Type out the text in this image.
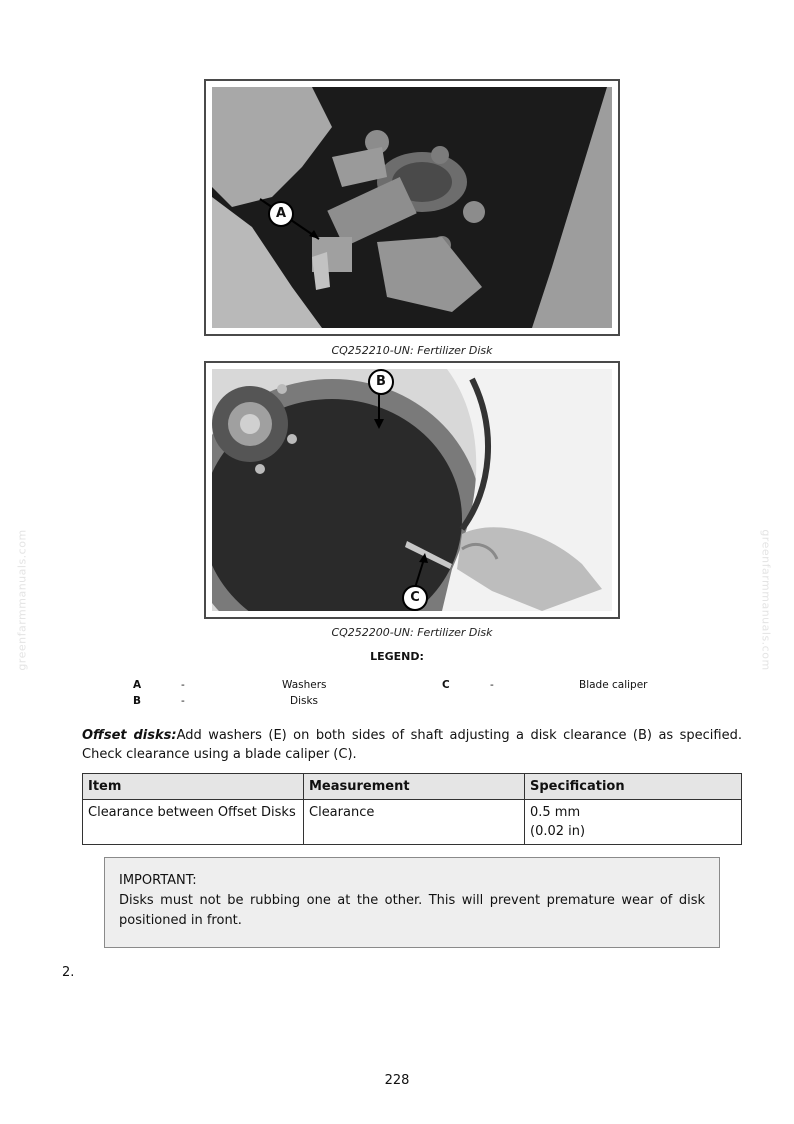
greenfarmmanuals.com	greenfarmmanuals.com
A
CQ252210-UN: Fertilizer Disk
B
C
CQ252200-UN: Fertilizer Disk
LEGEND:
A	-	Washers
B	-	Disks
C	-	Blade caliper
Offset disks:Add washers (E) on both sides of shaft adjusting a disk clearance (B) as specified. Check clearance using a blade caliper (C).
Item	Measurement	Specification
Clearance between Offset Disks	Clearance	0.5 mm
(0.02 in)
IMPORTANT:
Disks must not be rubbing one at the other. This will prevent premature wear of disk positioned in front.
2.
228
